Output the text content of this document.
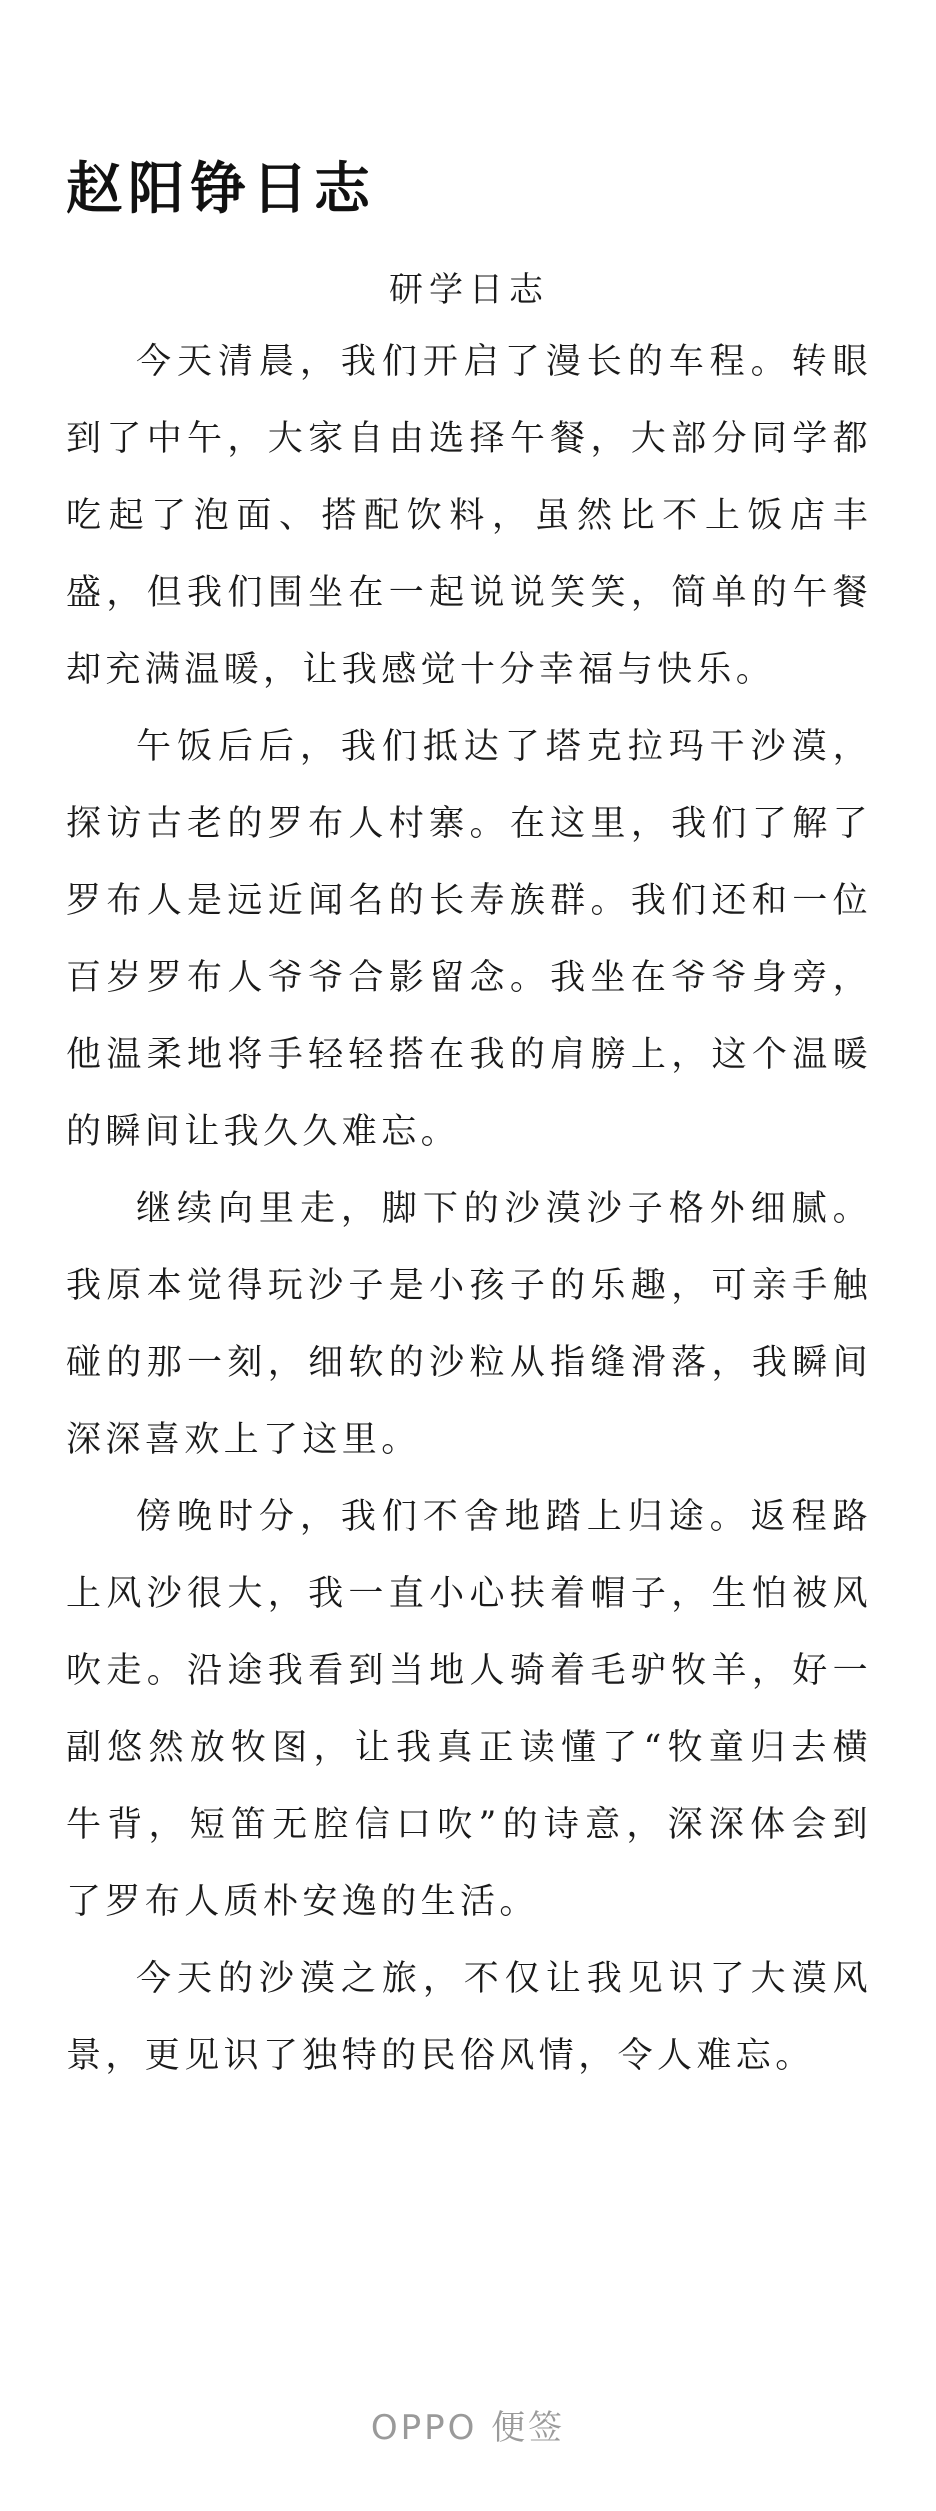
赵阳铮日志

研学日志

今天清晨，我们开启了漫长的车程。转眼到了中午，大家自由选择午餐，大部分同学都吃起了泡面、搭配饮料，虽然比不上饭店丰盛，但我们围坐在一起说说笑笑，简单的午餐却充满温暖，让我感觉十分幸福与快乐。

午饭后后，我们抵达了塔克拉玛干沙漠，探访古老的罗布人村寨。在这里，我们了解了罗布人是远近闻名的长寿族群。我们还和一位百岁罗布人爷爷合影留念。我坐在爷爷身旁，他温柔地将手轻轻搭在我的肩膀上，这个温暖的瞬间让我久久难忘。

继续向里走，脚下的沙漠沙子格外细腻。我原本觉得玩沙子是小孩子的乐趣，可亲手触碰的那一刻，细软的沙粒从指缝滑落，我瞬间深深喜欢上了这里。

傍晚时分，我们不舍地踏上归途。返程路上风沙很大，我一直小心扶着帽子，生怕被风吹走。沿途我看到当地人骑着毛驴牧羊，好一副悠然放牧图，让我真正读懂了“牧童归去横牛背，短笛无腔信口吹”的诗意，深深体会到了罗布人质朴安逸的生活。

今天的沙漠之旅，不仅让我见识了大漠风景，更见识了独特的民俗风情，令人难忘。

OPPO 便签
